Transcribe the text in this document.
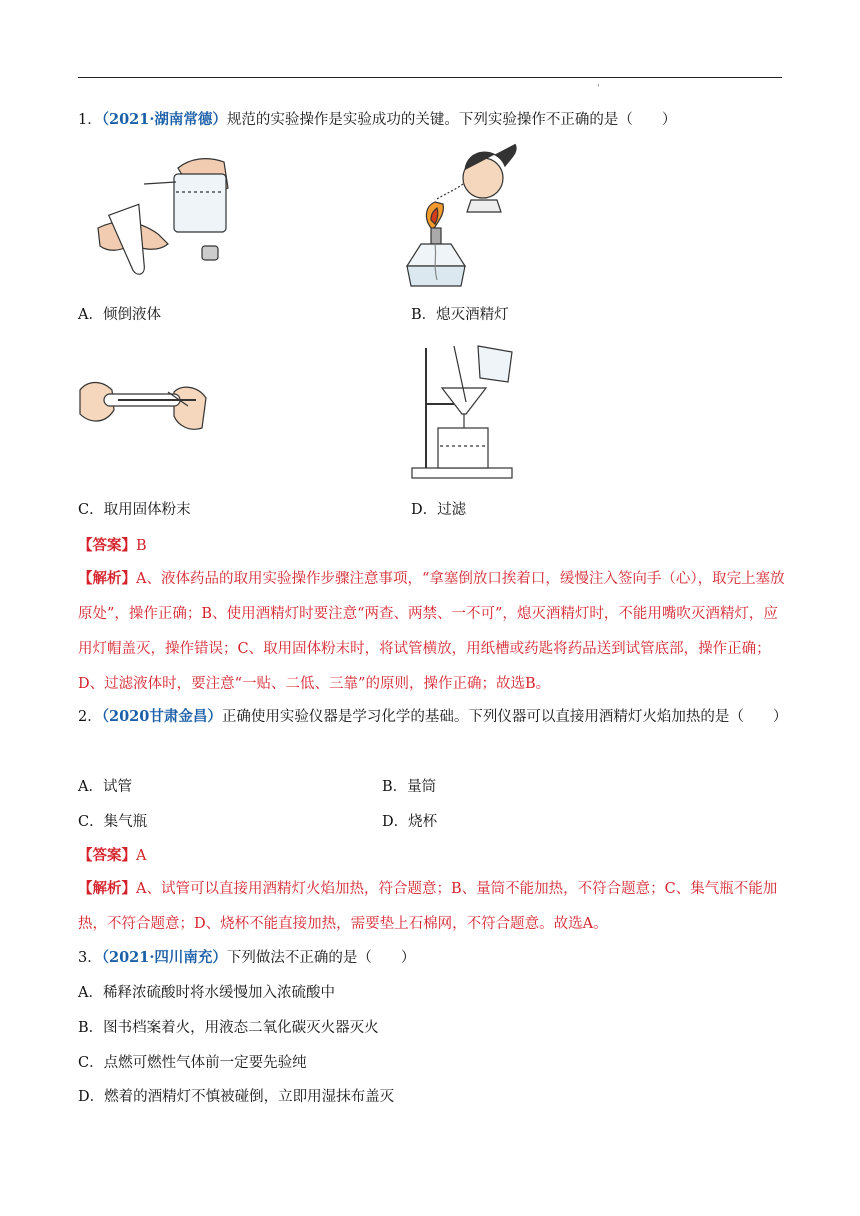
'
1．（2021·湖南常德）规范的实验操作是实验成功的关键。下列实验操作不正确的是（　　）
A．倾倒液体	B．熄灭酒精灯
C．取用固体粉末	D．过滤
【答案】B
【解析】A、液体药品的取用实验操作步骤注意事项，“拿塞倒放口挨着口，缓慢注入签向手（心），取完上塞放原处”，操作正确；B、使用酒精灯时要注意“两查、两禁、一不可”，熄灭酒精灯时，不能用嘴吹灭酒精灯，应用灯帽盖灭，操作错误；C、取用固体粉末时，将试管横放，用纸槽或药匙将药品送到试管底部，操作正确；D、过滤液体时，要注意“一贴、二低、三靠”的原则，操作正确；故选B。
2．（2020甘肃金昌）正确使用实验仪器是学习化学的基础。下列仪器可以直接用酒精灯火焰加热的是（　　）
A．试管	B．量筒
C．集气瓶	D．烧杯
【答案】A
【解析】A、试管可以直接用酒精灯火焰加热，符合题意；B、量筒不能加热，不符合题意；C、集气瓶不能加热，不符合题意；D、烧杯不能直接加热，需要垫上石棉网，不符合题意。故选A。
3．（2021·四川南充）下列做法不正确的是（　　）
A．稀释浓硫酸时将水缓慢加入浓硫酸中
B．图书档案着火，用液态二氧化碳灭火器灭火
C．点燃可燃性气体前一定要先验纯
D．燃着的酒精灯不慎被碰倒，立即用湿抹布盖灭
